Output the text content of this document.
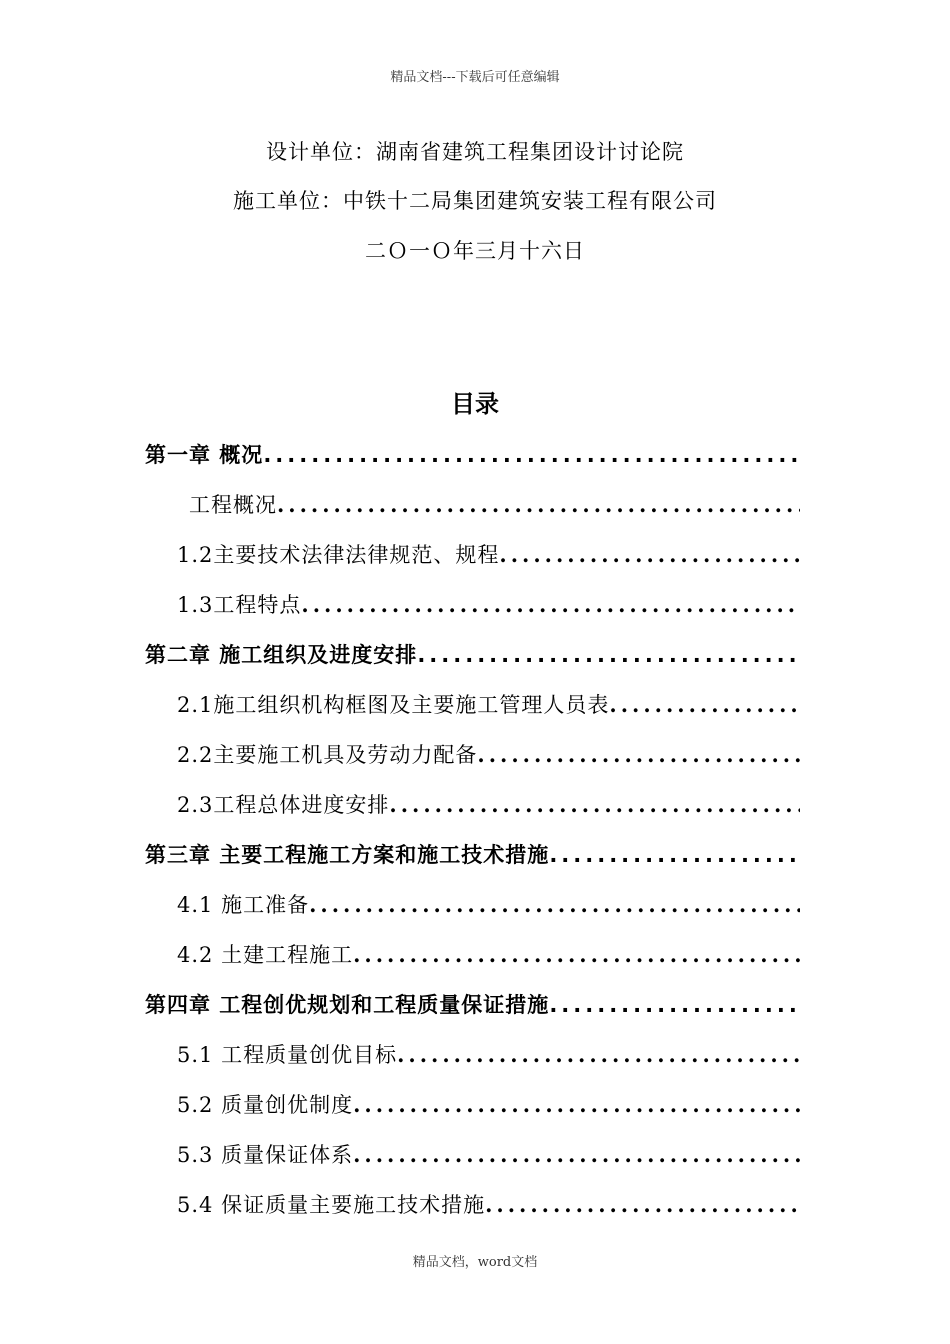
精品文档---下载后可任意编辑
设计单位：湖南省建筑工程集团设计讨论院
施工单位：中铁十二局集团建筑安装工程有限公司
二Ｏ一Ｏ年三月十六日
目录
第一章 概况
.....
工程概况
.....
1.2主要技术法律法律规范、规程
.....
1.3工程特点
.....
第二章 施工组织及进度安排
.....
2.1施工组织机构框图及主要施工管理人员表
.....
2.2主要施工机具及劳动力配备
.....
2.3工程总体进度安排
.....
第三章 主要工程施工方案和施工技术措施
.....
4.1 施工准备
.....
4.2 土建工程施工
.....
第四章 工程创优规划和工程质量保证措施
.....
5.1 工程质量创优目标
.....
5.2 质量创优制度
.....
5.3 质量保证体系
.....
5.4 保证质量主要施工技术措施
.....
精品文档，word文档
